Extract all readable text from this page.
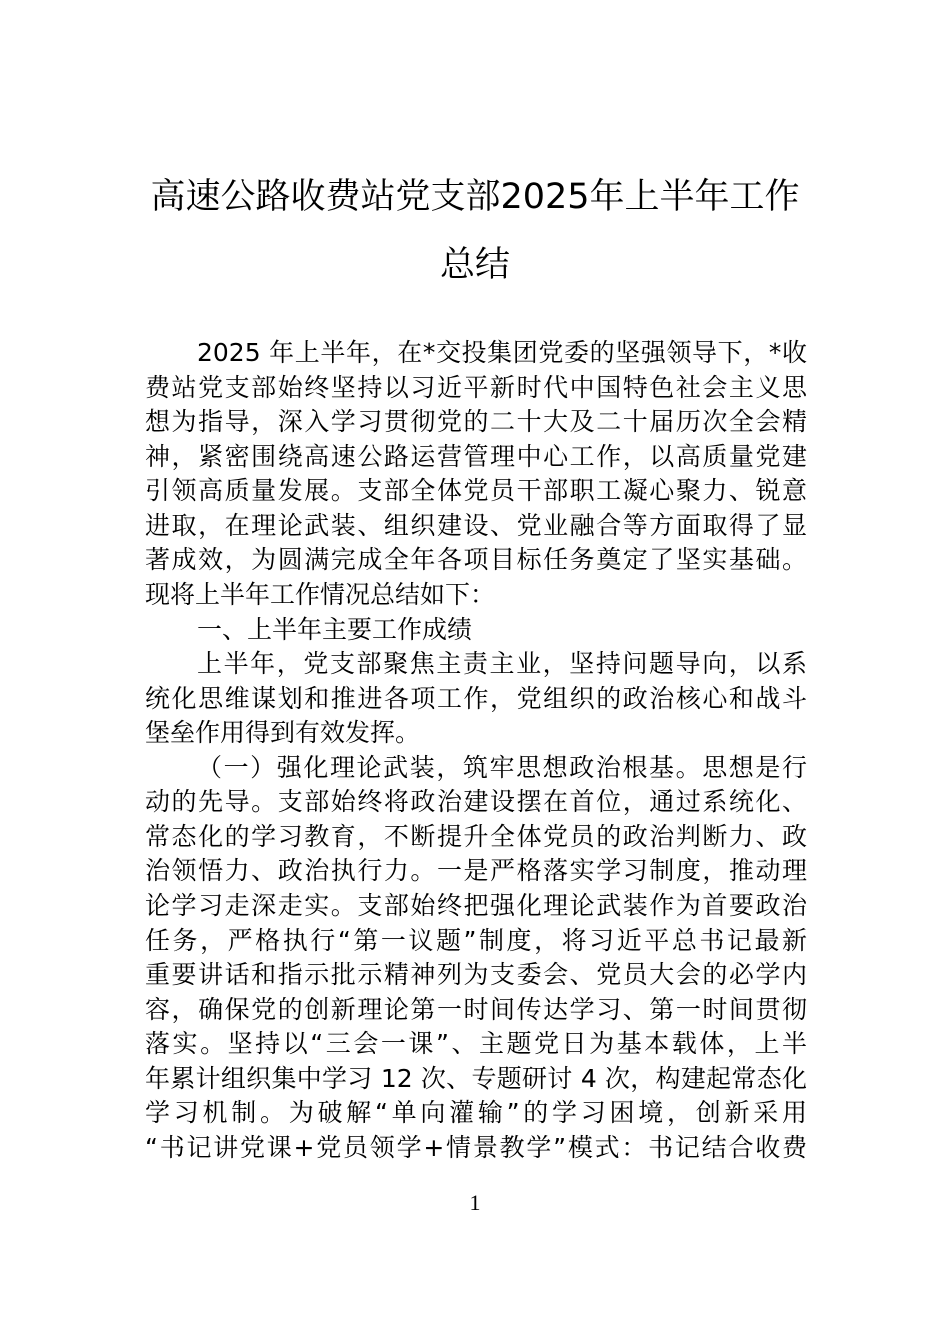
高速公路收费站党支部2025年上半年工作
总结
2025 年上半年，在*交投集团党委的坚强领导下，*收
费站党支部始终坚持以习近平新时代中国特色社会主义思
想为指导，深入学习贯彻党的二十大及二十届历次全会精
神，紧密围绕高速公路运营管理中心工作，以高质量党建
引领高质量发展。支部全体党员干部职工凝心聚力、锐意
进取，在理论武装、组织建设、党业融合等方面取得了显
著成效，为圆满完成全年各项目标任务奠定了坚实基础。
现将上半年工作情况总结如下：
一、上半年主要工作成绩
上半年，党支部聚焦主责主业，坚持问题导向，以系
统化思维谋划和推进各项工作，党组织的政治核心和战斗
堡垒作用得到有效发挥。
（一）强化理论武装，筑牢思想政治根基。思想是行
动的先导。支部始终将政治建设摆在首位，通过系统化、
常态化的学习教育，不断提升全体党员的政治判断力、政
治领悟力、政治执行力。一是严格落实学习制度，推动理
论学习走深走实。支部始终把强化理论武装作为首要政治
任务，严格执行“第一议题”制度，将习近平总书记最新
重要讲话和指示批示精神列为支委会、党员大会的必学内
容，确保党的创新理论第一时间传达学习、第一时间贯彻
落实。坚持以“三会一课”、主题党日为基本载体，上半
年累计组织集中学习 12 次、专题研讨 4 次，构建起常态化
学习机制。为破解“单向灌输”的学习困境，创新采用
“书记讲党课+党员领学+情景教学”模式：书记结合收费
1
